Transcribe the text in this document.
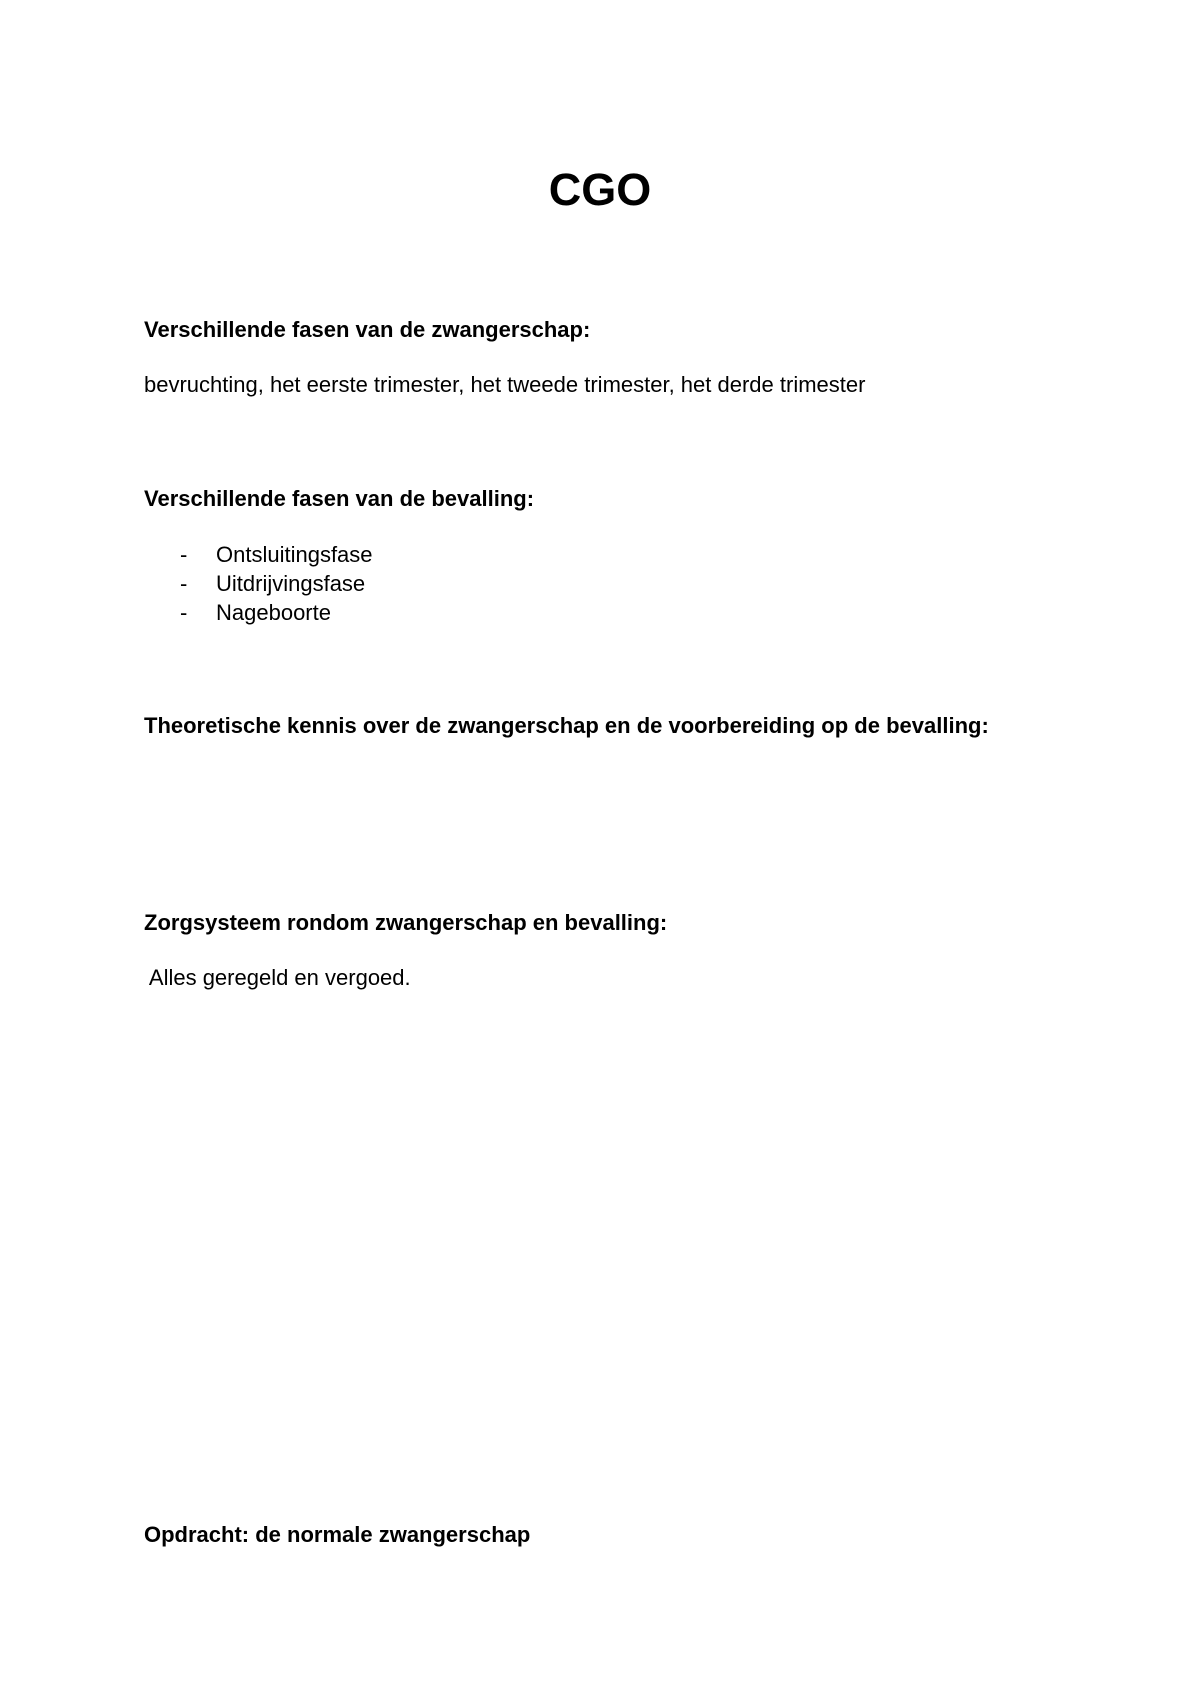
CGO
Verschillende fasen van de zwangerschap:

bevruchting, het eerste trimester, het tweede trimester, het derde trimester

Verschillende fasen van de bevalling:
- Ontsluitingsfase
- Uitdrijvingsfase
- Nageboorte
Theoretische kennis over de zwangerschap en de voorbereiding op de bevalling:
Zorgsysteem rondom zwangerschap en bevalling:

Alles geregeld en vergoed.

Opdracht: de normale zwangerschap
